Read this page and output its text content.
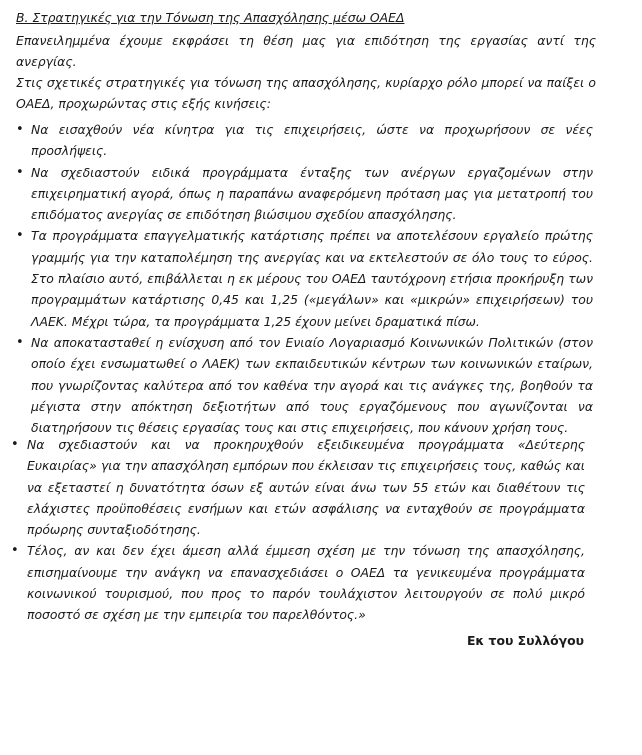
Β. Στρατηγικές για την Τόνωση της Απασχόλησης μέσω ΟΑΕΔ

Επανειλημμένα έχουμε εκφράσει τη θέση μας για επιδότηση της εργασίας αντί της ανεργίας.

Στις σχετικές στρατηγικές για τόνωση της απασχόλησης, κυρίαρχο ρόλο μπορεί να παίξει ο ΟΑΕΔ, προχωρώντας στις εξής κινήσεις:

• Να εισαχθούν νέα κίνητρα για τις επιχειρήσεις, ώστε να προχωρήσουν σε νέες προσλήψεις.
• Να σχεδιαστούν ειδικά προγράμματα ένταξης των ανέργων εργαζομένων στην επιχειρηματική αγορά, όπως η παραπάνω αναφερόμενη πρόταση μας για μετατροπή του επιδόματος ανεργίας σε επιδότηση βιώσιμου σχεδίου απασχόλησης.
• Τα προγράμματα επαγγελματικής κατάρτισης πρέπει να αποτελέσουν εργαλείο πρώτης γραμμής για την καταπολέμηση της ανεργίας και να εκτελεστούν σε όλο τους το εύρος. Στο πλαίσιο αυτό, επιβάλλεται η εκ μέρους του ΟΑΕΔ ταυτόχρονη ετήσια προκήρυξη των προγραμμάτων κατάρτισης 0,45 και 1,25 («μεγάλων» και «μικρών» επιχειρήσεων) του ΛΑΕΚ. Μέχρι τώρα, τα προγράμματα 1,25 έχουν μείνει δραματικά πίσω.
• Να αποκατασταθεί η ενίσχυση από τον Ενιαίο Λογαριασμό Κοινωνικών Πολιτικών (στον οποίο έχει ενσωματωθεί ο ΛΑΕΚ) των εκπαιδευτικών κέντρων των κοινωνικών εταίρων, που γνωρίζοντας καλύτερα από τον καθένα την αγορά και τις ανάγκες της, βοηθούν τα μέγιστα στην απόκτηση δεξιοτήτων από τους εργαζόμενους που αγωνίζονται να διατηρήσουν τις θέσεις εργασίας τους και στις επιχειρήσεις, που κάνουν χρήση τους.
• Να σχεδιαστούν και να προκηρυχθούν εξειδικευμένα προγράμματα «Δεύτερης Ευκαιρίας» για την απασχόληση εμπόρων που έκλεισαν τις επιχειρήσεις τους, καθώς και να εξεταστεί η δυνατότητα όσων εξ αυτών είναι άνω των 55 ετών και διαθέτουν τις ελάχιστες προϋποθέσεις ενσήμων και ετών ασφάλισης να ενταχθούν σε προγράμματα πρόωρης συνταξιοδότησης.
• Τέλος, αν και δεν έχει άμεση αλλά έμμεση σχέση με την τόνωση της απασχόλησης, επισημαίνουμε την ανάγκη να επανασχεδιάσει ο ΟΑΕΔ τα γενικευμένα προγράμματα κοινωνικού τουρισμού, που προς το παρόν τουλάχιστον λειτουργούν σε πολύ μικρό ποσοστό σε σχέση με την εμπειρία του παρελθόντος.»
Εκ του Συλλόγου
